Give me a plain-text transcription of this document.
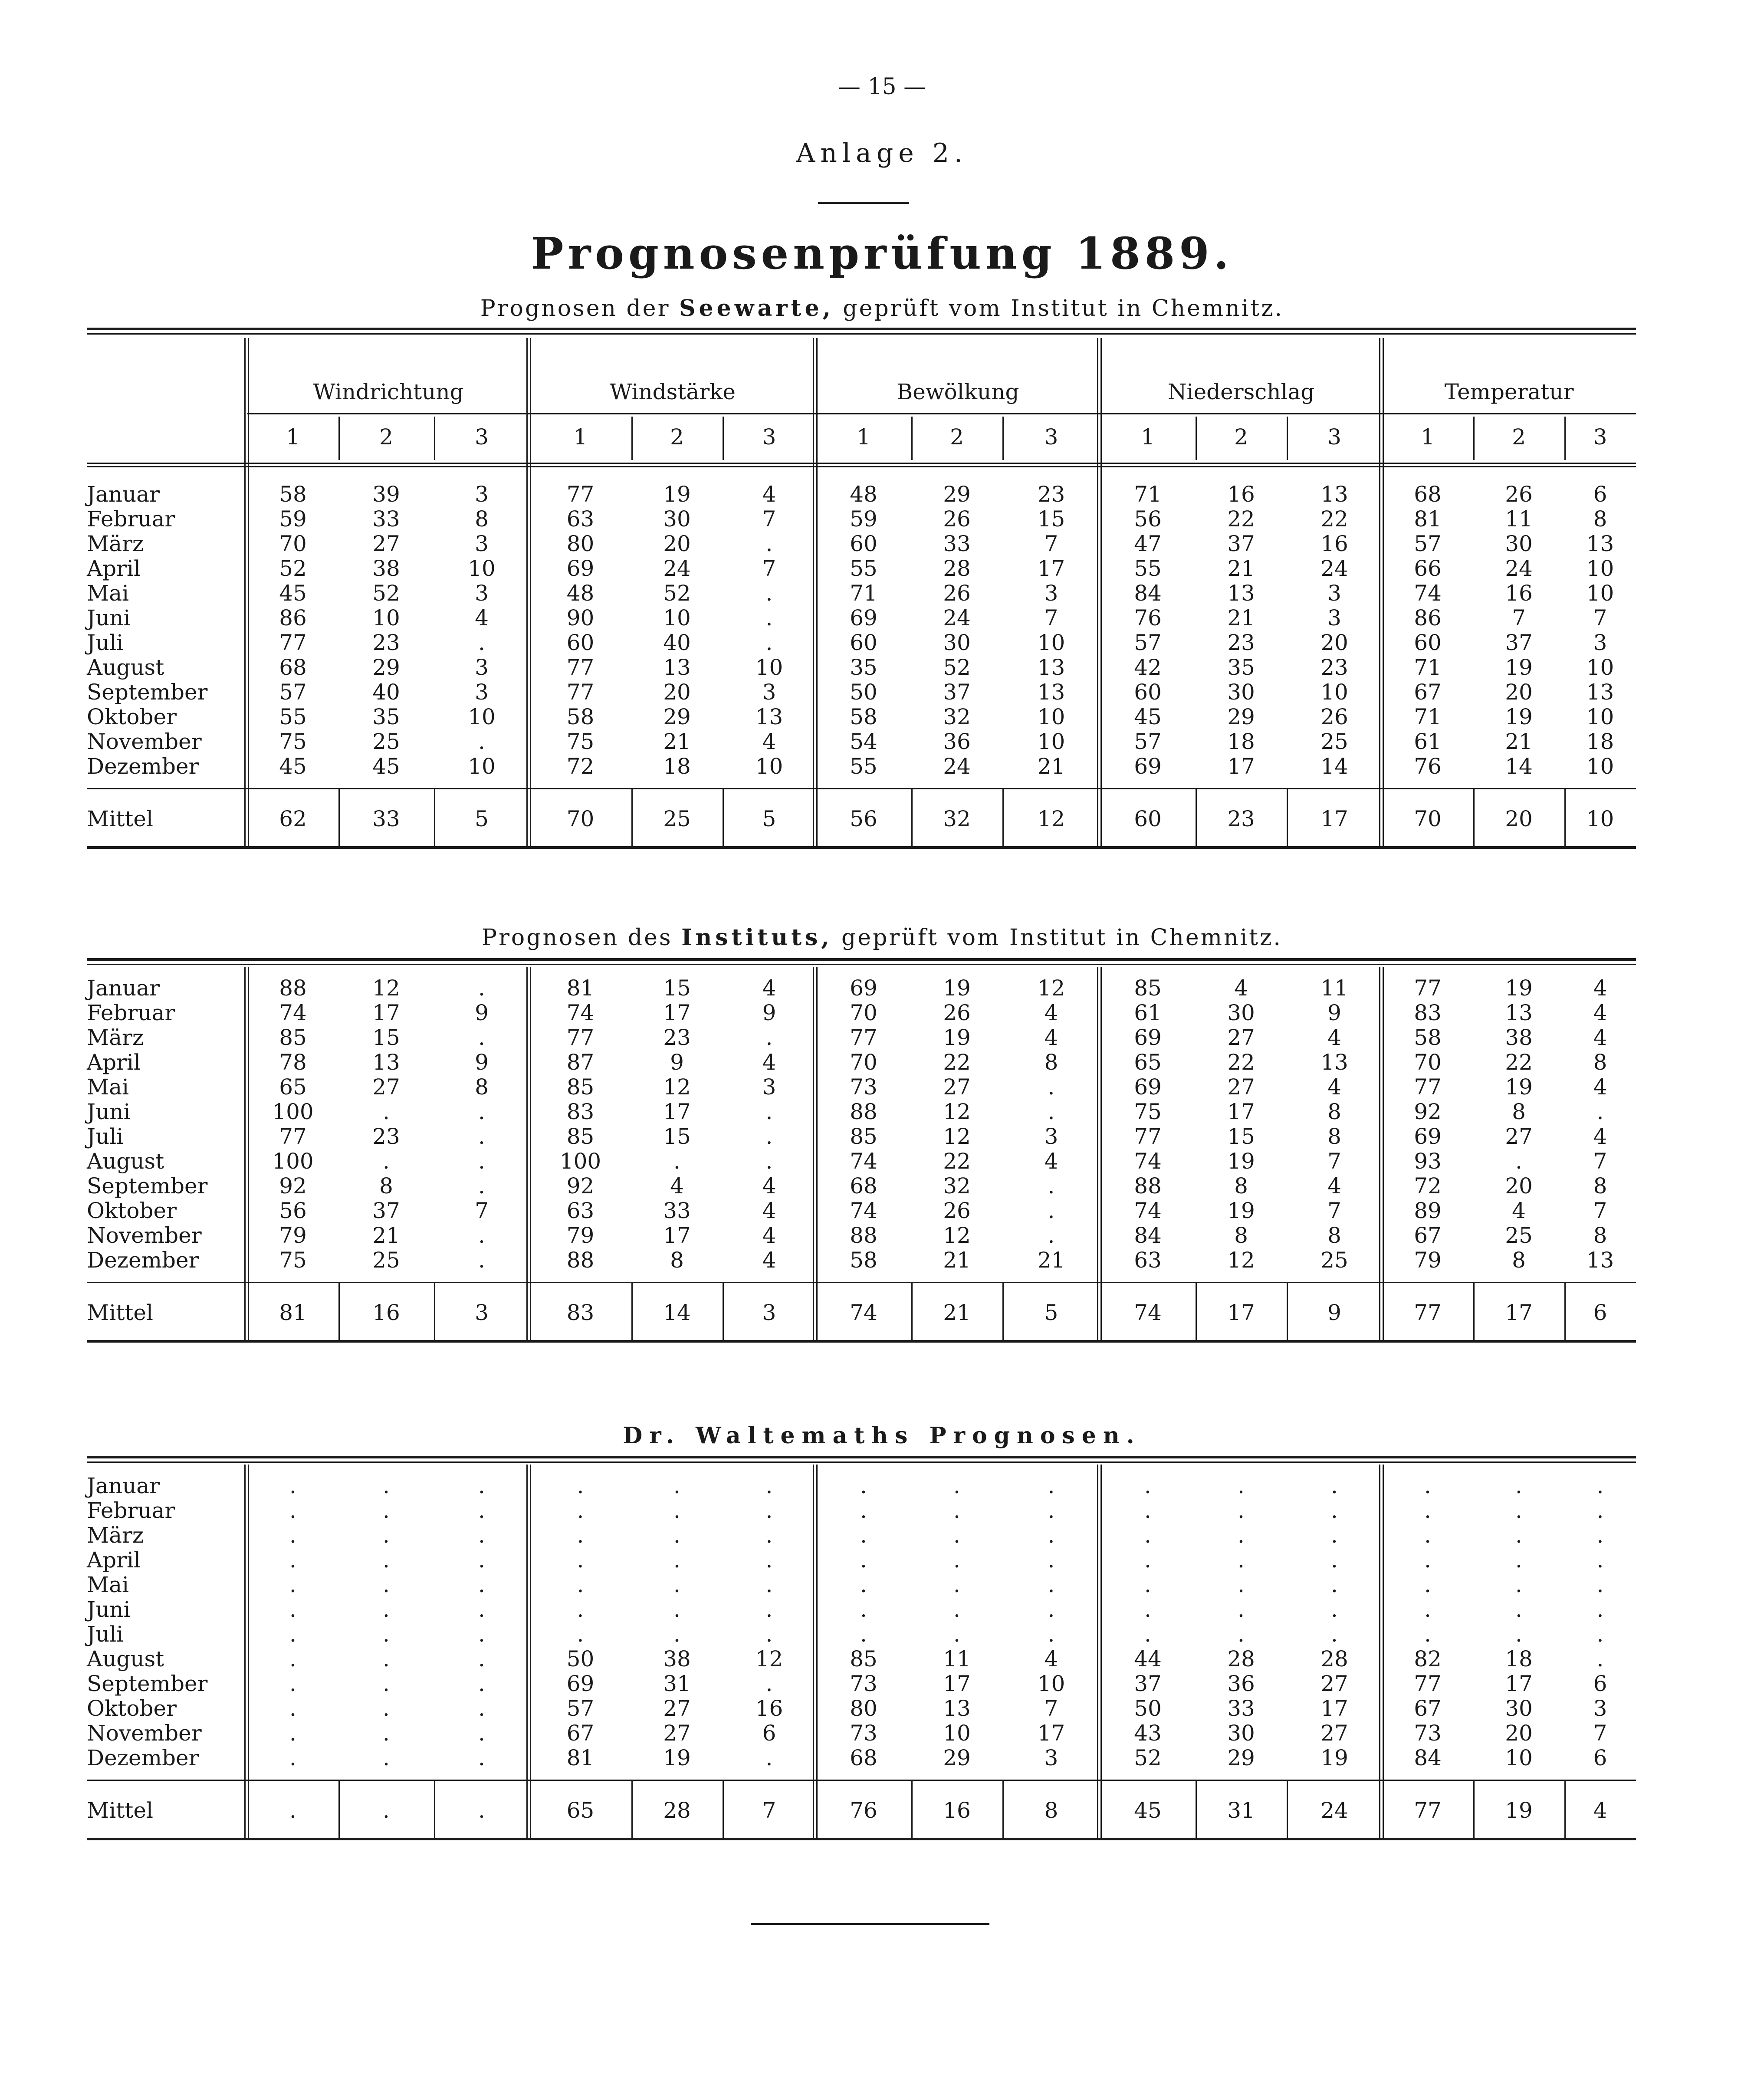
— 15 —
Anlage 2.
Prognosenprüfung 1889.
Prognosen der Seewarte, geprüft vom Institut in Chemnitz.
Windrichtung	Windstärke	Bewölkung	Niederschlag	Temperatur
1	2	3	1	2	3	1	2	3	1	2	3	1	2	3
Januar	58	39	3	77	19	4	48	29	23	71	16	13	68	26	6
Februar	59	33	8	63	30	7	59	26	15	56	22	22	81	11	8
März	70	27	3	80	20	.	60	33	7	47	37	16	57	30	13
April	52	38	10	69	24	7	55	28	17	55	21	24	66	24	10
Mai	45	52	3	48	52	.	71	26	3	84	13	3	74	16	10
Juni	86	10	4	90	10	.	69	24	7	76	21	3	86	7	7
Juli	77	23	.	60	40	.	60	30	10	57	23	20	60	37	3
August	68	29	3	77	13	10	35	52	13	42	35	23	71	19	10
September	57	40	3	77	20	3	50	37	13	60	30	10	67	20	13
Oktober	55	35	10	58	29	13	58	32	10	45	29	26	71	19	10
November	75	25	.	75	21	4	54	36	10	57	18	25	61	21	18
Dezember	45	45	10	72	18	10	55	24	21	69	17	14	76	14	10
Mittel	62	33	5	70	25	5	56	32	12	60	23	17	70	20	10
Prognosen des Instituts, geprüft vom Institut in Chemnitz.
Januar	88	12	.	81	15	4	69	19	12	85	4	11	77	19	4
Februar	74	17	9	74	17	9	70	26	4	61	30	9	83	13	4
März	85	15	.	77	23	.	77	19	4	69	27	4	58	38	4
April	78	13	9	87	9	4	70	22	8	65	22	13	70	22	8
Mai	65	27	8	85	12	3	73	27	.	69	27	4	77	19	4
Juni	100	.	.	83	17	.	88	12	.	75	17	8	92	8	.
Juli	77	23	.	85	15	.	85	12	3	77	15	8	69	27	4
August	100	.	.	100	.	.	74	22	4	74	19	7	93	.	7
September	92	8	.	92	4	4	68	32	.	88	8	4	72	20	8
Oktober	56	37	7	63	33	4	74	26	.	74	19	7	89	4	7
November	79	21	.	79	17	4	88	12	.	84	8	8	67	25	8
Dezember	75	25	.	88	8	4	58	21	21	63	12	25	79	8	13
Mittel	81	16	3	83	14	3	74	21	5	74	17	9	77	17	6
Dr. Waltemaths Prognosen.
Januar	.	.	.	.	.	.	.	.	.	.	.	.	.	.	.
Februar	.	.	.	.	.	.	.	.	.	.	.	.	.	.	.
März	.	.	.	.	.	.	.	.	.	.	.	.	.	.	.
April	.	.	.	.	.	.	.	.	.	.	.	.	.	.	.
Mai	.	.	.	.	.	.	.	.	.	.	.	.	.	.	.
Juni	.	.	.	.	.	.	.	.	.	.	.	.	.	.	.
Juli	.	.	.	.	.	.	.	.	.	.	.	.	.	.	.
August	.	.	.	50	38	12	85	11	4	44	28	28	82	18	.
September	.	.	.	69	31	.	73	17	10	37	36	27	77	17	6
Oktober	.	.	.	57	27	16	80	13	7	50	33	17	67	30	3
November	.	.	.	67	27	6	73	10	17	43	30	27	73	20	7
Dezember	.	.	.	81	19	.	68	29	3	52	29	19	84	10	6
Mittel	.	.	.	65	28	7	76	16	8	45	31	24	77	19	4
